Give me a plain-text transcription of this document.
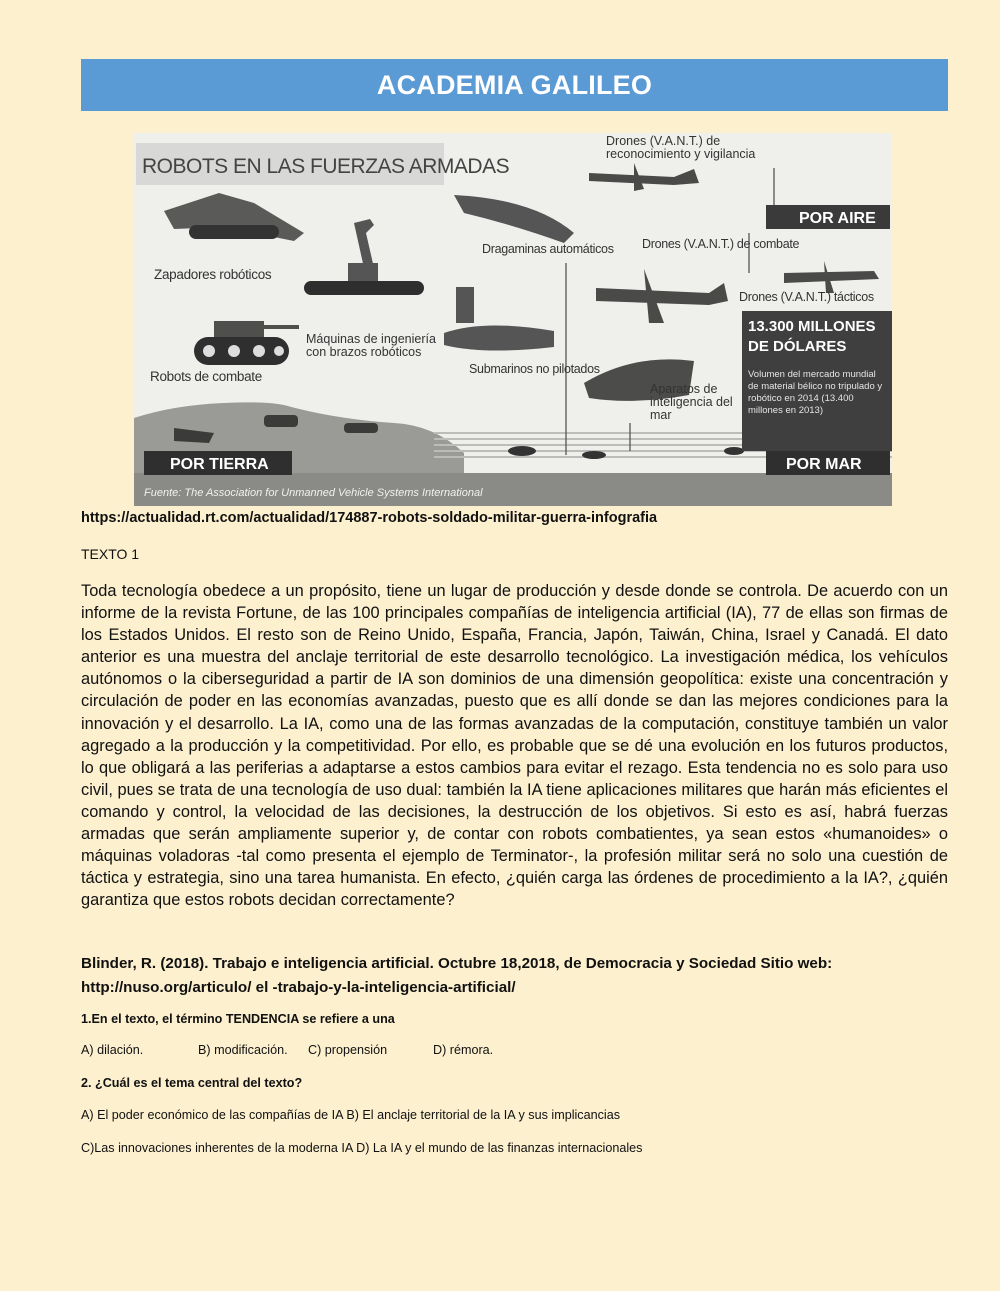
ACADEMIA GALILEO
ROBOTS EN LAS FUERZAS ARMADAS
Zapadores robóticos
Robots de combate
Dragaminas automáticos
Submarinos no pilotados
Drones (V.A.N.T.) de combate
Drones (V.A.N.T.) tácticos
Máquinas de ingeniería con brazos robóticos
Aparatos de inteligencia del mar
Drones (V.A.N.T.) de reconocimiento y vigilancia
POR AIRE
13.300 MILLONES DE DÓLARES
Volumen del mercado mundial de material bélico no tripulado y robótico en 2014 (13.400 millones en 2013)
POR TIERRA	POR MAR
Fuente: The Association for Unmanned Vehicle Systems International
https://actualidad.rt.com/actualidad/174887-robots-soldado-militar-guerra-infografia
TEXTO 1

Toda tecnología obedece a un propósito, tiene un lugar de producción y desde donde se controla. De acuerdo con un informe de la revista Fortune, de las 100 principales compañías de inteligencia artificial (IA), 77 de ellas son firmas de los Estados Unidos. El resto son de Reino Unido, España, Francia, Japón, Taiwán, China, Israel y Canadá. El dato anterior es una muestra del anclaje territorial de este desarrollo tecnológico. La investigación médica, los vehículos autónomos o la ciberseguridad a partir de IA son dominios de una dimensión geopolítica: existe una concentración y circulación de poder en las economías avanzadas, puesto que es allí donde se dan las mejores condiciones para la innovación y el desarrollo. La IA, como una de las formas avanzadas de la computación, constituye también un valor agregado a la producción y la competitividad. Por ello, es probable que se dé una evolución en los futuros productos, lo que obligará a las periferias a adaptarse a estos cambios para evitar el rezago. Esta tendencia no es solo para uso civil, pues se trata de una tecnología de uso dual: también la IA tiene aplicaciones militares que harán más eficientes el comando y control, la velocidad de las decisiones, la destrucción de los objetivos. Si esto es así, habrá fuerzas armadas que serán ampliamente superior y, de contar con robots combatientes, ya sean estos «humanoides» o máquinas voladoras -tal como presenta el ejemplo de Terminator-, la profesión militar será no solo una cuestión de táctica y estrategia, sino una tarea humanista. En efecto, ¿quién carga las órdenes de procedimiento a la IA?, ¿quién garantiza que estos robots decidan correctamente?

Blinder, R. (2018). Trabajo e inteligencia artificial. Octubre 18,2018, de Democracia y Sociedad Sitio web:
http://nuso.org/articulo/ el -trabajo-y-la-inteligencia-artificial/
1.En el texto, el término TENDENCIA se refiere a una
A) dilación.	B) modificación. C) propensión	D) rémora.
2. ¿Cuál es el tema central del texto?
A) El poder económico de las compañías de IA B) El anclaje territorial de la IA y sus implicancias
C)Las innovaciones inherentes de la moderna IA D) La IA y el mundo de las finanzas internacionales
